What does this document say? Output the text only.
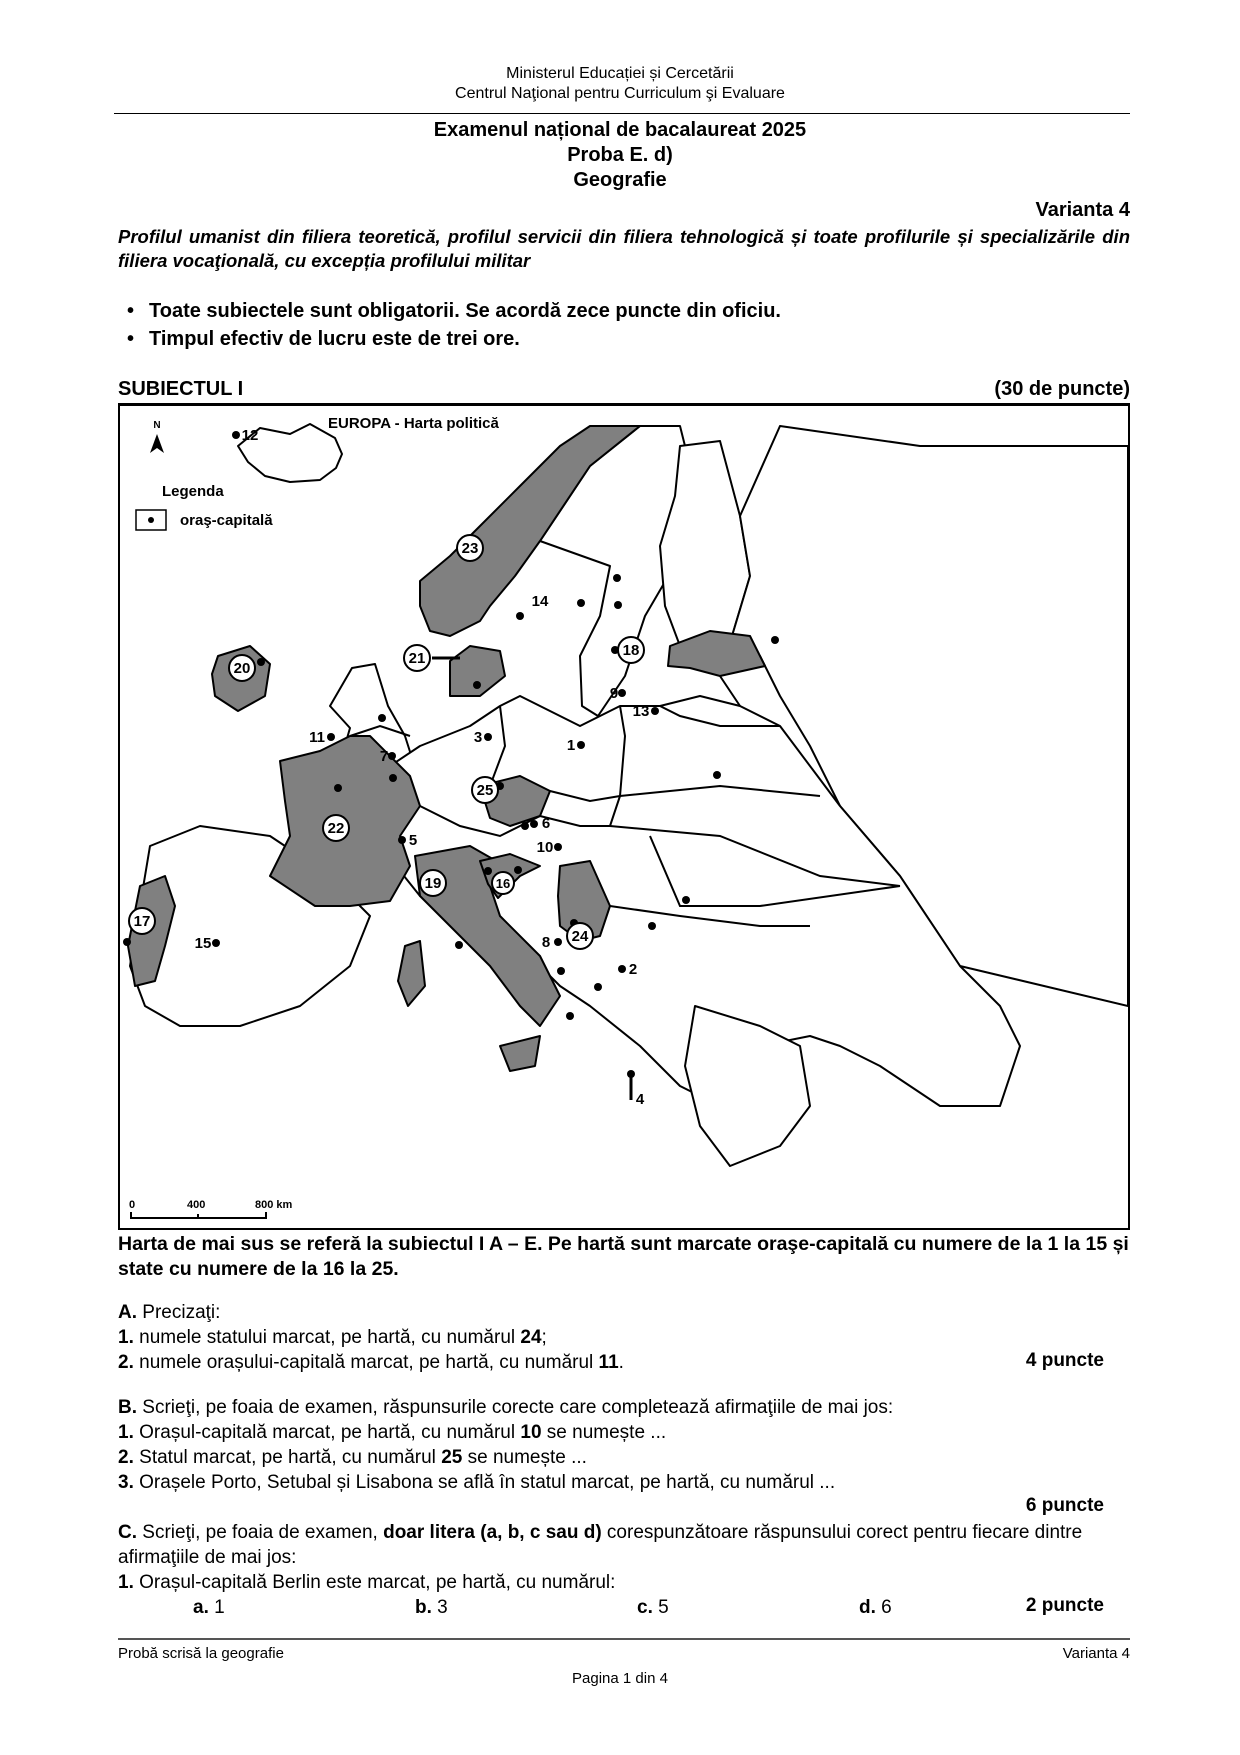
Ministerul Educației și Cercetării
Centrul Naţional pentru Curriculum şi Evaluare
Examenul național de bacalaureat 2025
Proba E. d)
Geografie
Varianta 4
Profilul umanist din filiera teoretică, profilul servicii din filiera tehnologică și toate profilurile și specializările din filiera vocaţională, cu excepția profilului militar
• Toate subiectele sunt obligatorii. Se acordă zece puncte din oficiu.
• Timpul efectiv de lucru este de trei ore.
SUBIECTUL I	(30 de puncte)
23
18
21
20
22
25
19	16
24
17
12
14
9
13
11
7
3	1
5
6
10
8
2
4
15
EUROPA - Harta politică
N
Legenda
oraş-capitală
0	400	800 km
Harta de mai sus se referă la subiectul I A – E. Pe hartă sunt marcate oraşe-capitală cu numere de la 1 la 15 și state cu numere de la 16 la 25.
A. Precizaţi:
1. numele statului marcat, pe hartă, cu numărul 24;
2. numele orașului-capitală marcat, pe hartă, cu numărul 11.	4 puncte
B. Scrieţi, pe foaia de examen, răspunsurile corecte care completează afirmaţiile de mai jos:
1. Orașul-capitală marcat, pe hartă, cu numărul 10 se numește ...
2. Statul marcat, pe hartă, cu numărul 25 se numește ...
3. Orașele Porto, Setubal și Lisabona se află în statul marcat, pe hartă, cu numărul ...
6 puncte
C. Scrieţi, pe foaia de examen, doar litera (a, b, c sau d) corespunzătoare răspunsului corect pentru fiecare dintre afirmaţiile de mai jos:
1. Orașul-capitală Berlin este marcat, pe hartă, cu numărul:
a. 1	b. 3	c. 5	d. 6	2 puncte
Probă scrisă la geografie	Varianta 4
Pagina 1 din 4
